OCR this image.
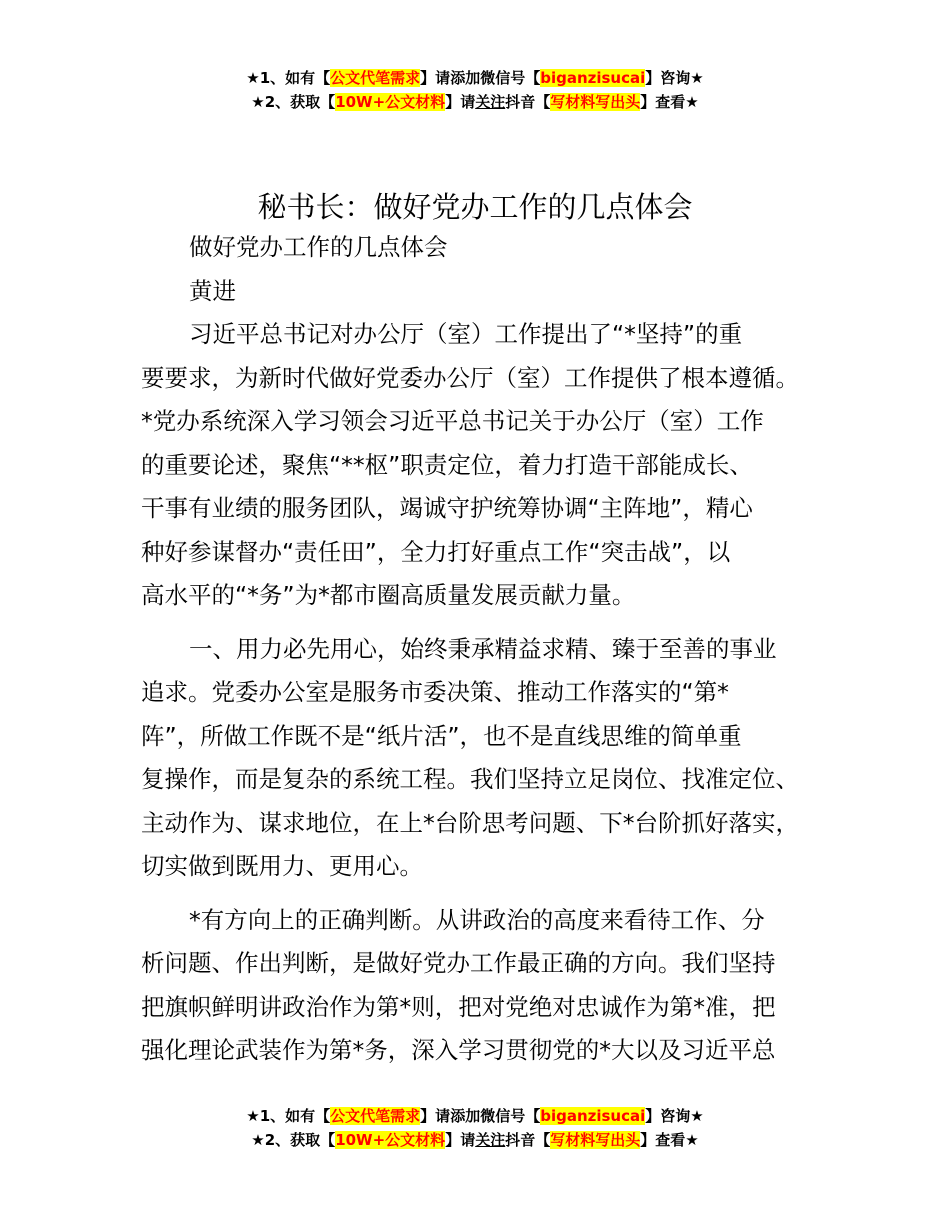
★1、如有【公文代笔需求】请添加微信号【biganzisucai】咨询★
★2、获取【10W+公文材料】请关注抖音【写材料写出头】查看★
秘书长：做好党办工作的几点体会

做好党办工作的几点体会

黄进

习近平总书记对办公厅（室）工作提出了“*坚持”的重
要要求，为新时代做好党委办公厅（室）工作提供了根本遵循。
*党办系统深入学习领会习近平总书记关于办公厅（室）工作
的重要论述，聚焦“**枢”职责定位，着力打造干部能成长、
干事有业绩的服务团队，竭诚守护统筹协调“主阵地”，精心
种好参谋督办“责任田”，全力打好重点工作“突击战”，以
高水平的“*务”为*都市圈高质量发展贡献力量。

一、用力必先用心，始终秉承精益求精、臻于至善的事业
追求。党委办公室是服务市委决策、推动工作落实的“第*
阵”，所做工作既不是“纸片活”，也不是直线思维的简单重
复操作，而是复杂的系统工程。我们坚持立足岗位、找准定位、
主动作为、谋求地位，在上*台阶思考问题、下*台阶抓好落实，
切实做到既用力、更用心。

*有方向上的正确判断。从讲政治的高度来看待工作、分
析问题、作出判断，是做好党办工作最正确的方向。我们坚持
把旗帜鲜明讲政治作为第*则，把对党绝对忠诚作为第*准，把
强化理论武装作为第*务，深入学习贯彻党的*大以及习近平总

★1、如有【公文代笔需求】请添加微信号【biganzisucai】咨询★
★2、获取【10W+公文材料】请关注抖音【写材料写出头】查看★
